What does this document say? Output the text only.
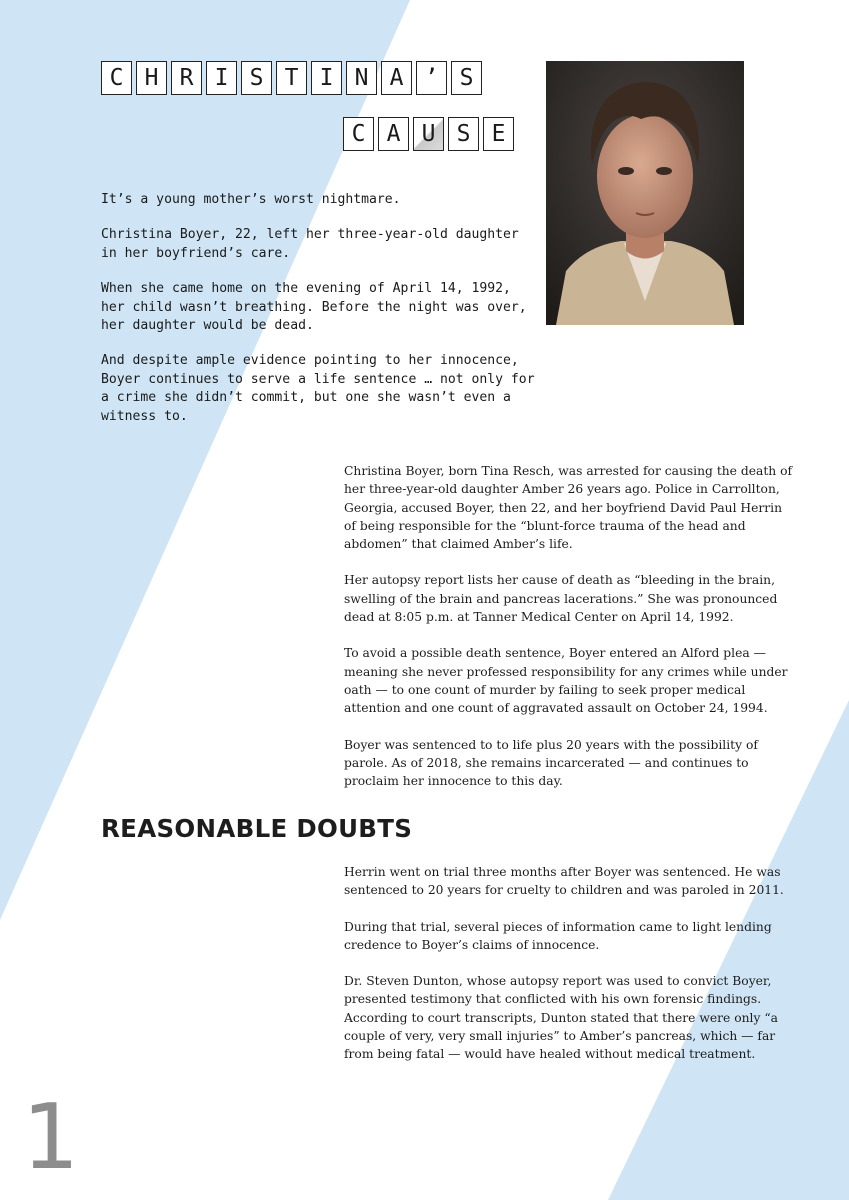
C H R I S T I N A ’ S
C A U S E

It’s a young mother’s worst nightmare.

Christina Boyer, 22, left her three-year-old daughter in her boyfriend’s care.

When she came home on the evening of April 14, 1992, her child wasn’t breathing. Before the night was over, her daughter would be dead.

And despite ample evidence pointing to her innocence, Boyer continues to serve a life sentence … not only for a crime she didn’t commit, but one she wasn’t even a witness to.

Christina Boyer, born Tina Resch, was arrested for causing the death of her three-year-old daughter Amber 26 years ago. Police in Carrollton, Georgia, accused Boyer, then 22, and her boyfriend David Paul Herrin of being responsible for the “blunt-force trauma of the head and abdomen” that claimed Amber’s life.

Her autopsy report lists her cause of death as “bleeding in the brain, swelling of the brain and pancreas lacerations.” She was pronounced dead at 8:05 p.m. at Tanner Medical Center on April 14, 1992.

To avoid a possible death sentence, Boyer entered an Alford plea — meaning she never professed responsibility for any crimes while under oath — to one count of murder by failing to seek proper medical attention and one count of aggravated assault on October 24, 1994.

Boyer was sentenced to to life plus 20 years with the possibility of parole. As of 2018, she remains incarcerated — and continues to proclaim her innocence to this day.

REASONABLE DOUBTS

Herrin went on trial three months after Boyer was sentenced. He was sentenced to 20 years for cruelty to children and was paroled in 2011.

During that trial, several pieces of information came to light lending credence to Boyer’s claims of innocence.

Dr. Steven Dunton, whose autopsy report was used to convict Boyer, presented testimony that conflicted with his own forensic findings. According to court transcripts, Dunton stated that there were only “a couple of very, very small injuries” to Amber’s pancreas, which — far from being fatal — would have healed without medical treatment.

1
